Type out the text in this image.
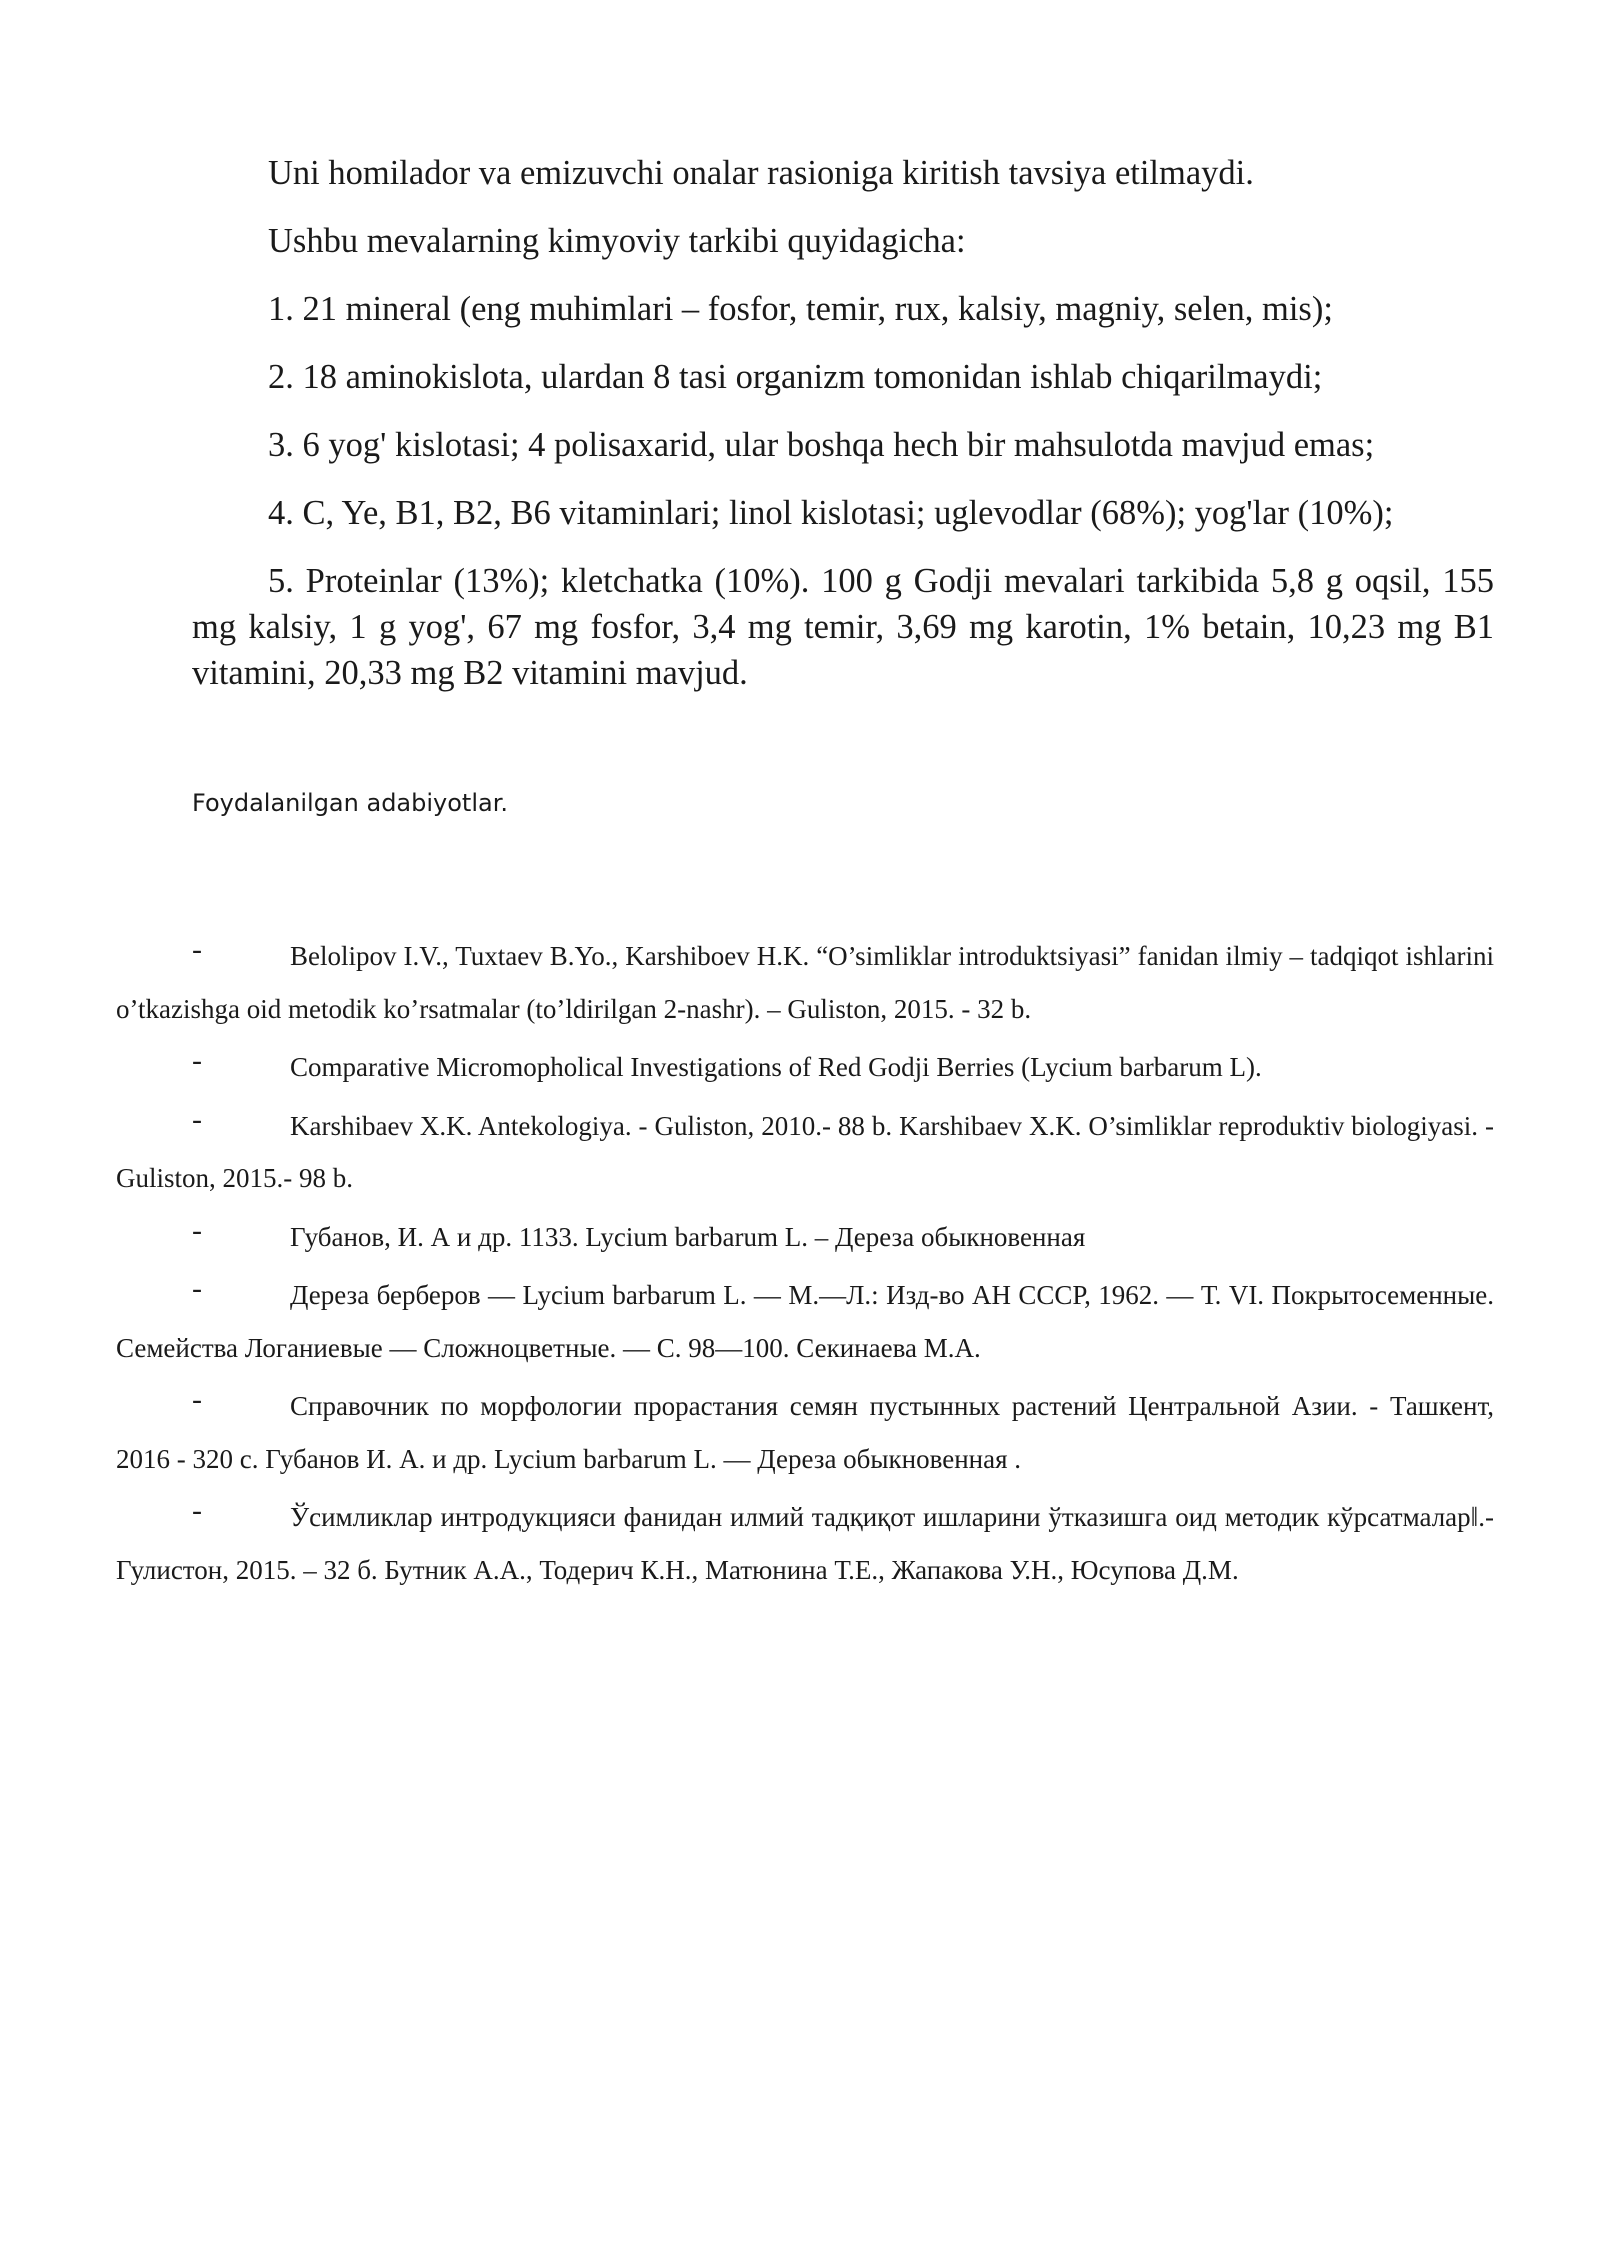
Uni homilador va emizuvchi onalar rasioniga kiritish tavsiya etilmaydi.

Ushbu mevalarning kimyoviy tarkibi quyidagicha:

1. 21 mineral (eng muhimlari – fosfor, temir, rux, kalsiy, magniy, selen, mis);

2. 18 aminokislota, ulardan 8 tasi organizm tomonidan ishlab chiqarilmaydi;

3. 6 yog' kislotasi; 4 polisaxarid, ular boshqa hech bir mahsulotda mavjud emas;

4. C, Ye, B1, B2, B6 vitaminlari; linol kislotasi; uglevodlar (68%); yog'lar (10%);

5. Proteinlar (13%); kletchatka (10%). 100 g Godji mevalari tarkibida 5,8 g oqsil, 155 mg kalsiy, 1 g yog', 67 mg fosfor, 3,4 mg temir, 3,69 mg karotin, 1% betain, 10,23 mg B1 vitamini, 20,33 mg B2 vitamini mavjud.

Foydalanilgan adabiyotlar.
-	Belolipov I.V., Tuxtaev B.Yo., Karshiboev H.K. “O’simliklar introduktsiyasi” fanidan ilmiy – tadqiqot ishlarini o’tkazishga oid metodik ko’rsatmalar (to’ldirilgan 2-nashr). – Guliston, 2015. - 32 b.
-	Comparative Micromopholical Investigations of Red Godji Berries (Lycium barbarum L).
-	Karshibaev X.K. Antekologiya. - Guliston, 2010.- 88 b. Karshibaev X.K. O’simliklar reproduktiv biologiyasi. - Guliston, 2015.- 98 b.
-	Губанов, И. А и др. 1133. Lycium barbarum L. – Дереза обыкновенная
-	Дереза берберов — Lycium barbarum L. — М.—Л.: Изд-во АН СССР, 1962. — Т. VI. Покрытосеменные. Семейства Логаниевые — Сложноцветные. — С. 98—100. Секинаева М.А.
-	Справочник по морфологии прорастания семян пустынных растений Центральной Азии. - Ташкент, 2016 - 320 с. Губанов И. А. и др. Lycium barbarum L. — Дереза обыкновенная .
-	Ўсимликлар интродукцияси фанидан илмий тадқиқот ишларини ўтказишга оид методик кўрсатмалар‖.- Гулистон, 2015. – 32 б. Бутник А.А., Тодерич К.Н., Матюнина Т.Е., Жапакова У.Н., Юсупова Д.М.
